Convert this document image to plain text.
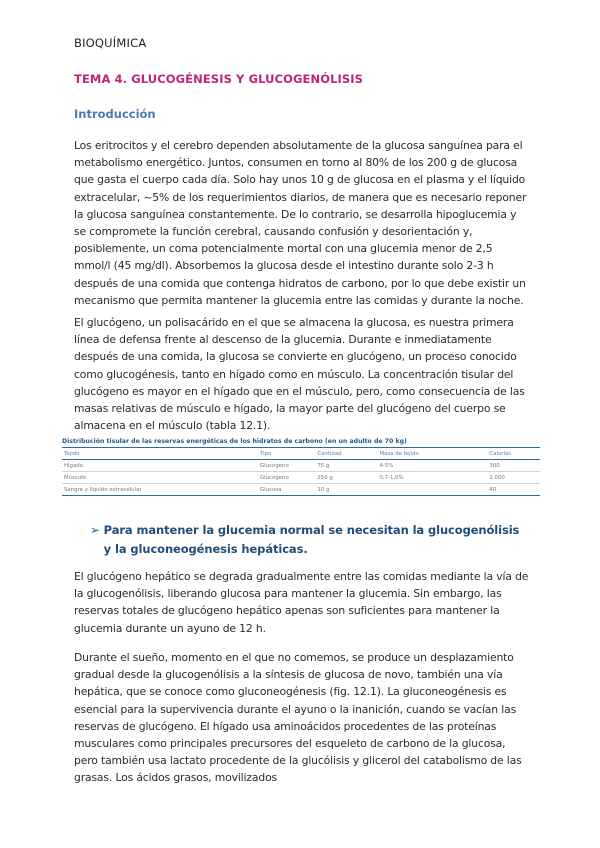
BIOQUÍMICA
TEMA 4. GLUCOGÉNESIS Y GLUCOGENÓLISIS
Introducción

Los eritrocitos y el cerebro dependen absolutamente de la glucosa sanguínea para el metabolismo energético. Juntos, consumen en torno al 80% de los 200 g de glucosa que gasta el cuerpo cada día. Solo hay unos 10 g de glucosa en el plasma y el líquido extracelular, ~5% de los requerimientos diarios, de manera que es necesario reponer la glucosa sanguínea constantemente. De lo contrario, se desarrolla hipoglucemia y se compromete la función cerebral, causando confusión y desorientación y, posiblemente, un coma potencialmente mortal con una glucemia menor de 2,5 mmol/l (45 mg/dl). Absorbemos la glucosa desde el intestino durante solo 2-3 h después de una comida que contenga hidratos de carbono, por lo que debe existir un mecanismo que permita mantener la glucemia entre las comidas y durante la noche.

El glucógeno, un polisacárido en el que se almacena la glucosa, es nuestra primera línea de defensa frente al descenso de la glucemia. Durante e inmediatamente después de una comida, la glucosa se convierte en glucógeno, un proceso conocido como glucogénesis, tanto en hígado como en músculo. La concentración tisular del glucógeno es mayor en el hígado que en el músculo, pero, como consecuencia de las masas relativas de músculo e hígado, la mayor parte del glucógeno del cuerpo se almacena en el músculo (tabla 12.1).

Distribución tisular de las reservas energéticas de los hidratos de carbono (en un adulto de 70 kg)
Tejido	Tipo	Cantidad	Masa de tejido	Calorías
Hígado	Glucógeno	75 g	4-5%	300
Músculo	Glucógeno	250 g	0,7-1,0%	1.000
Sangre y líquido extracelular	Glucosa	10 g		40
➢ Para mantener la glucemia normal se necesitan la glucogenólisis y la gluconeogénesis hepáticas.

El glucógeno hepático se degrada gradualmente entre las comidas mediante la vía de la glucogenólisis, liberando glucosa para mantener la glucemia. Sin embargo, las reservas totales de glucógeno hepático apenas son suficientes para mantener la glucemia durante un ayuno de 12 h.

Durante el sueño, momento en el que no comemos, se produce un desplazamiento gradual desde la glucogenólisis a la síntesis de glucosa de novo, también una vía hepática, que se conoce como gluconeogénesis (fig. 12.1). La gluconeogénesis es esencial para la supervivencia durante el ayuno o la inanición, cuando se vacían las reservas de glucógeno. El hígado usa aminoácidos procedentes de las proteínas musculares como principales precursores del esqueleto de carbono de la glucosa, pero también usa lactato procedente de la glucólisis y glicerol del catabolismo de las grasas. Los ácidos grasos, movilizados
